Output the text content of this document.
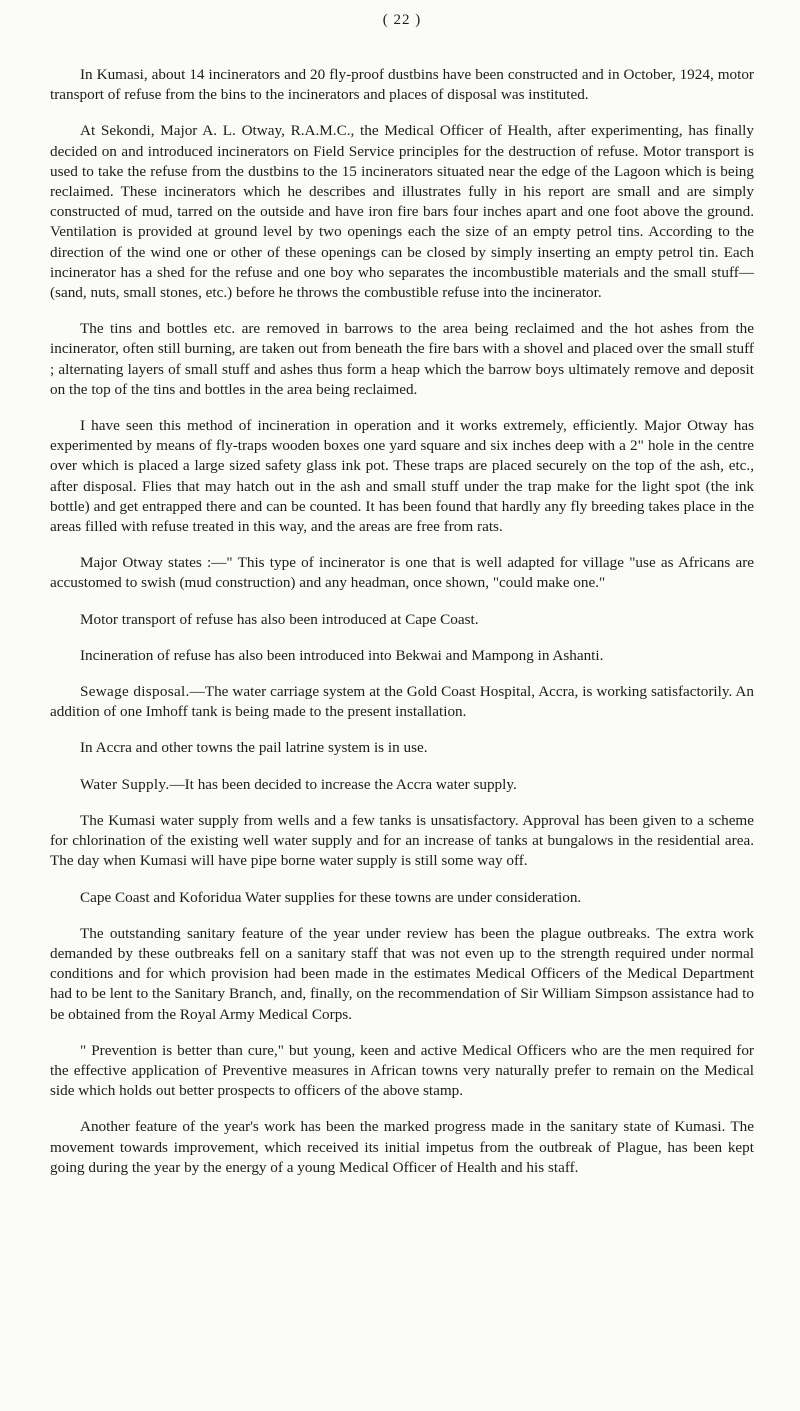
( 22 )

In Kumasi, about 14 incinerators and 20 fly-proof dustbins have been constructed and in October, 1924, motor transport of refuse from the bins to the incinerators and places of disposal was instituted.

At Sekondi, Major A. L. Otway, R.A.M.C., the Medical Officer of Health, after experimenting, has finally decided on and introduced incinerators on Field Service principles for the destruction of refuse. Motor transport is used to take the refuse from the dustbins to the 15 incinerators situated near the edge of the Lagoon which is being reclaimed. These incinerators which he describes and illustrates fully in his report are small and are simply constructed of mud, tarred on the outside and have iron fire bars four inches apart and one foot above the ground. Ventilation is provided at ground level by two openings each the size of an empty petrol tins. According to the direction of the wind one or other of these openings can be closed by simply inserting an empty petrol tin. Each incinerator has a shed for the refuse and one boy who separates the incombustible materials and the small stuff—(sand, nuts, small stones, etc.) before he throws the combustible refuse into the incinerator.

The tins and bottles etc. are removed in barrows to the area being reclaimed and the hot ashes from the incinerator, often still burning, are taken out from beneath the fire bars with a shovel and placed over the small stuff ; alternating layers of small stuff and ashes thus form a heap which the barrow boys ultimately remove and deposit on the top of the tins and bottles in the area being reclaimed.

I have seen this method of incineration in operation and it works extremely, efficiently. Major Otway has experimented by means of fly-traps wooden boxes one yard square and six inches deep with a 2" hole in the centre over which is placed a large sized safety glass ink pot. These traps are placed securely on the top of the ash, etc., after disposal. Flies that may hatch out in the ash and small stuff under the trap make for the light spot (the ink bottle) and get entrapped there and can be counted. It has been found that hardly any fly breeding takes place in the areas filled with refuse treated in this way, and the areas are free from rats.

Major Otway states :—" This type of incinerator is one that is well adapted for village "use as Africans are accustomed to swish (mud construction) and any headman, once shown, "could make one."

Motor transport of refuse has also been introduced at Cape Coast.

Incineration of refuse has also been introduced into Bekwai and Mampong in Ashanti.

Sewage disposal.—The water carriage system at the Gold Coast Hospital, Accra, is working satisfactorily. An addition of one Imhoff tank is being made to the present installation.

In Accra and other towns the pail latrine system is in use.

Water Supply.—It has been decided to increase the Accra water supply.

The Kumasi water supply from wells and a few tanks is unsatisfactory. Approval has been given to a scheme for chlorination of the existing well water supply and for an increase of tanks at bungalows in the residential area. The day when Kumasi will have pipe borne water supply is still some way off.

Cape Coast and Koforidua Water supplies for these towns are under consideration.

The outstanding sanitary feature of the year under review has been the plague outbreaks. The extra work demanded by these outbreaks fell on a sanitary staff that was not even up to the strength required under normal conditions and for which provision had been made in the estimates Medical Officers of the Medical Department had to be lent to the Sanitary Branch, and, finally, on the recommendation of Sir William Simpson assistance had to be obtained from the Royal Army Medical Corps.

" Prevention is better than cure," but young, keen and active Medical Officers who are the men required for the effective application of Preventive measures in African towns very naturally prefer to remain on the Medical side which holds out better prospects to officers of the above stamp.

Another feature of the year's work has been the marked progress made in the sanitary state of Kumasi. The movement towards improvement, which received its initial impetus from the outbreak of Plague, has been kept going during the year by the energy of a young Medical Officer of Health and his staff.
